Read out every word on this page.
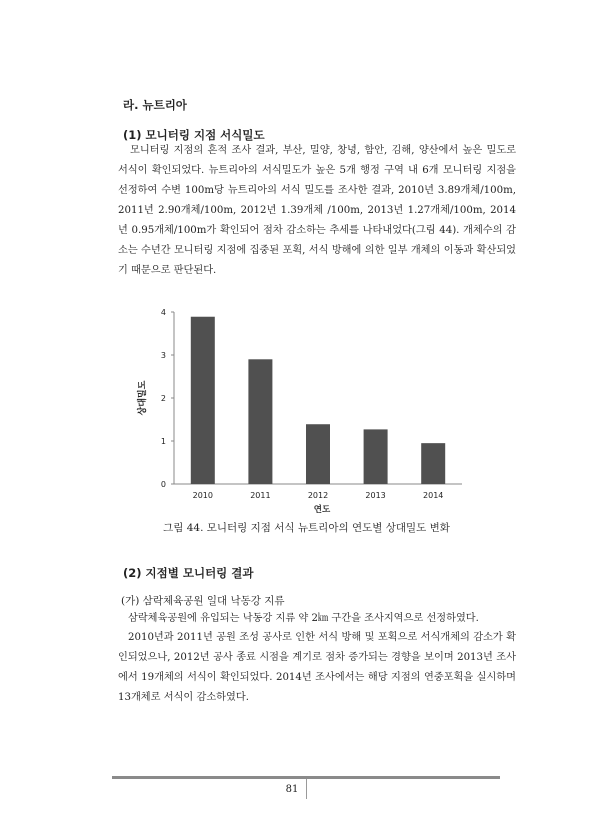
라. 뉴트리아
(1) 모니터링 지점 서식밀도
모니터링 지점의 흔적 조사 결과, 부산, 밀양, 창녕, 함안, 김해, 양산에서 높은 밀도로 서식이 확인되었다. 뉴트리아의 서식밀도가 높은 5개 행정 구역 내 6개 모니터링 지점을 선정하여 수변 100m당 뉴트리아의 서식 밀도를 조사한 결과, 2010년 3.89개체/100m, 2011년 2.90개체/100m, 2012년 1.39개체 /100m, 2013년 1.27개체/100m, 2014년 0.95개체/100m가 확인되어 점차 감소하는 추세를 나타내었다(그림 44). 개체수의 감소는 수년간 모니터링 지점에 집중된 포획, 서식 방해에 의한 일부 개체의 이동과 확산되었기 때문으로 판단된다.
0
1
2
3
4
2010	2011	2012	2013	2014
상대밀도
연도
그림 44. 모니터링 지점 서식 뉴트리아의 연도별 상대밀도 변화
(2) 지점별 모니터링 결과
(가) 삼락체육공원 일대 낙동강 지류
삼락체육공원에 유입되는 낙동강 지류 약 2㎞ 구간을 조사지역으로 선정하였다.
2010년과 2011년 공원 조성 공사로 인한 서식 방해 및 포획으로 서식개체의 감소가 확인되었으나, 2012년 공사 종료 시점을 계기로 점차 증가되는 경향을 보이며 2013년 조사에서 19개체의 서식이 확인되었다. 2014년 조사에서는 해당 지점의 연중포획을 실시하며 13개체로 서식이 감소하였다.
81
